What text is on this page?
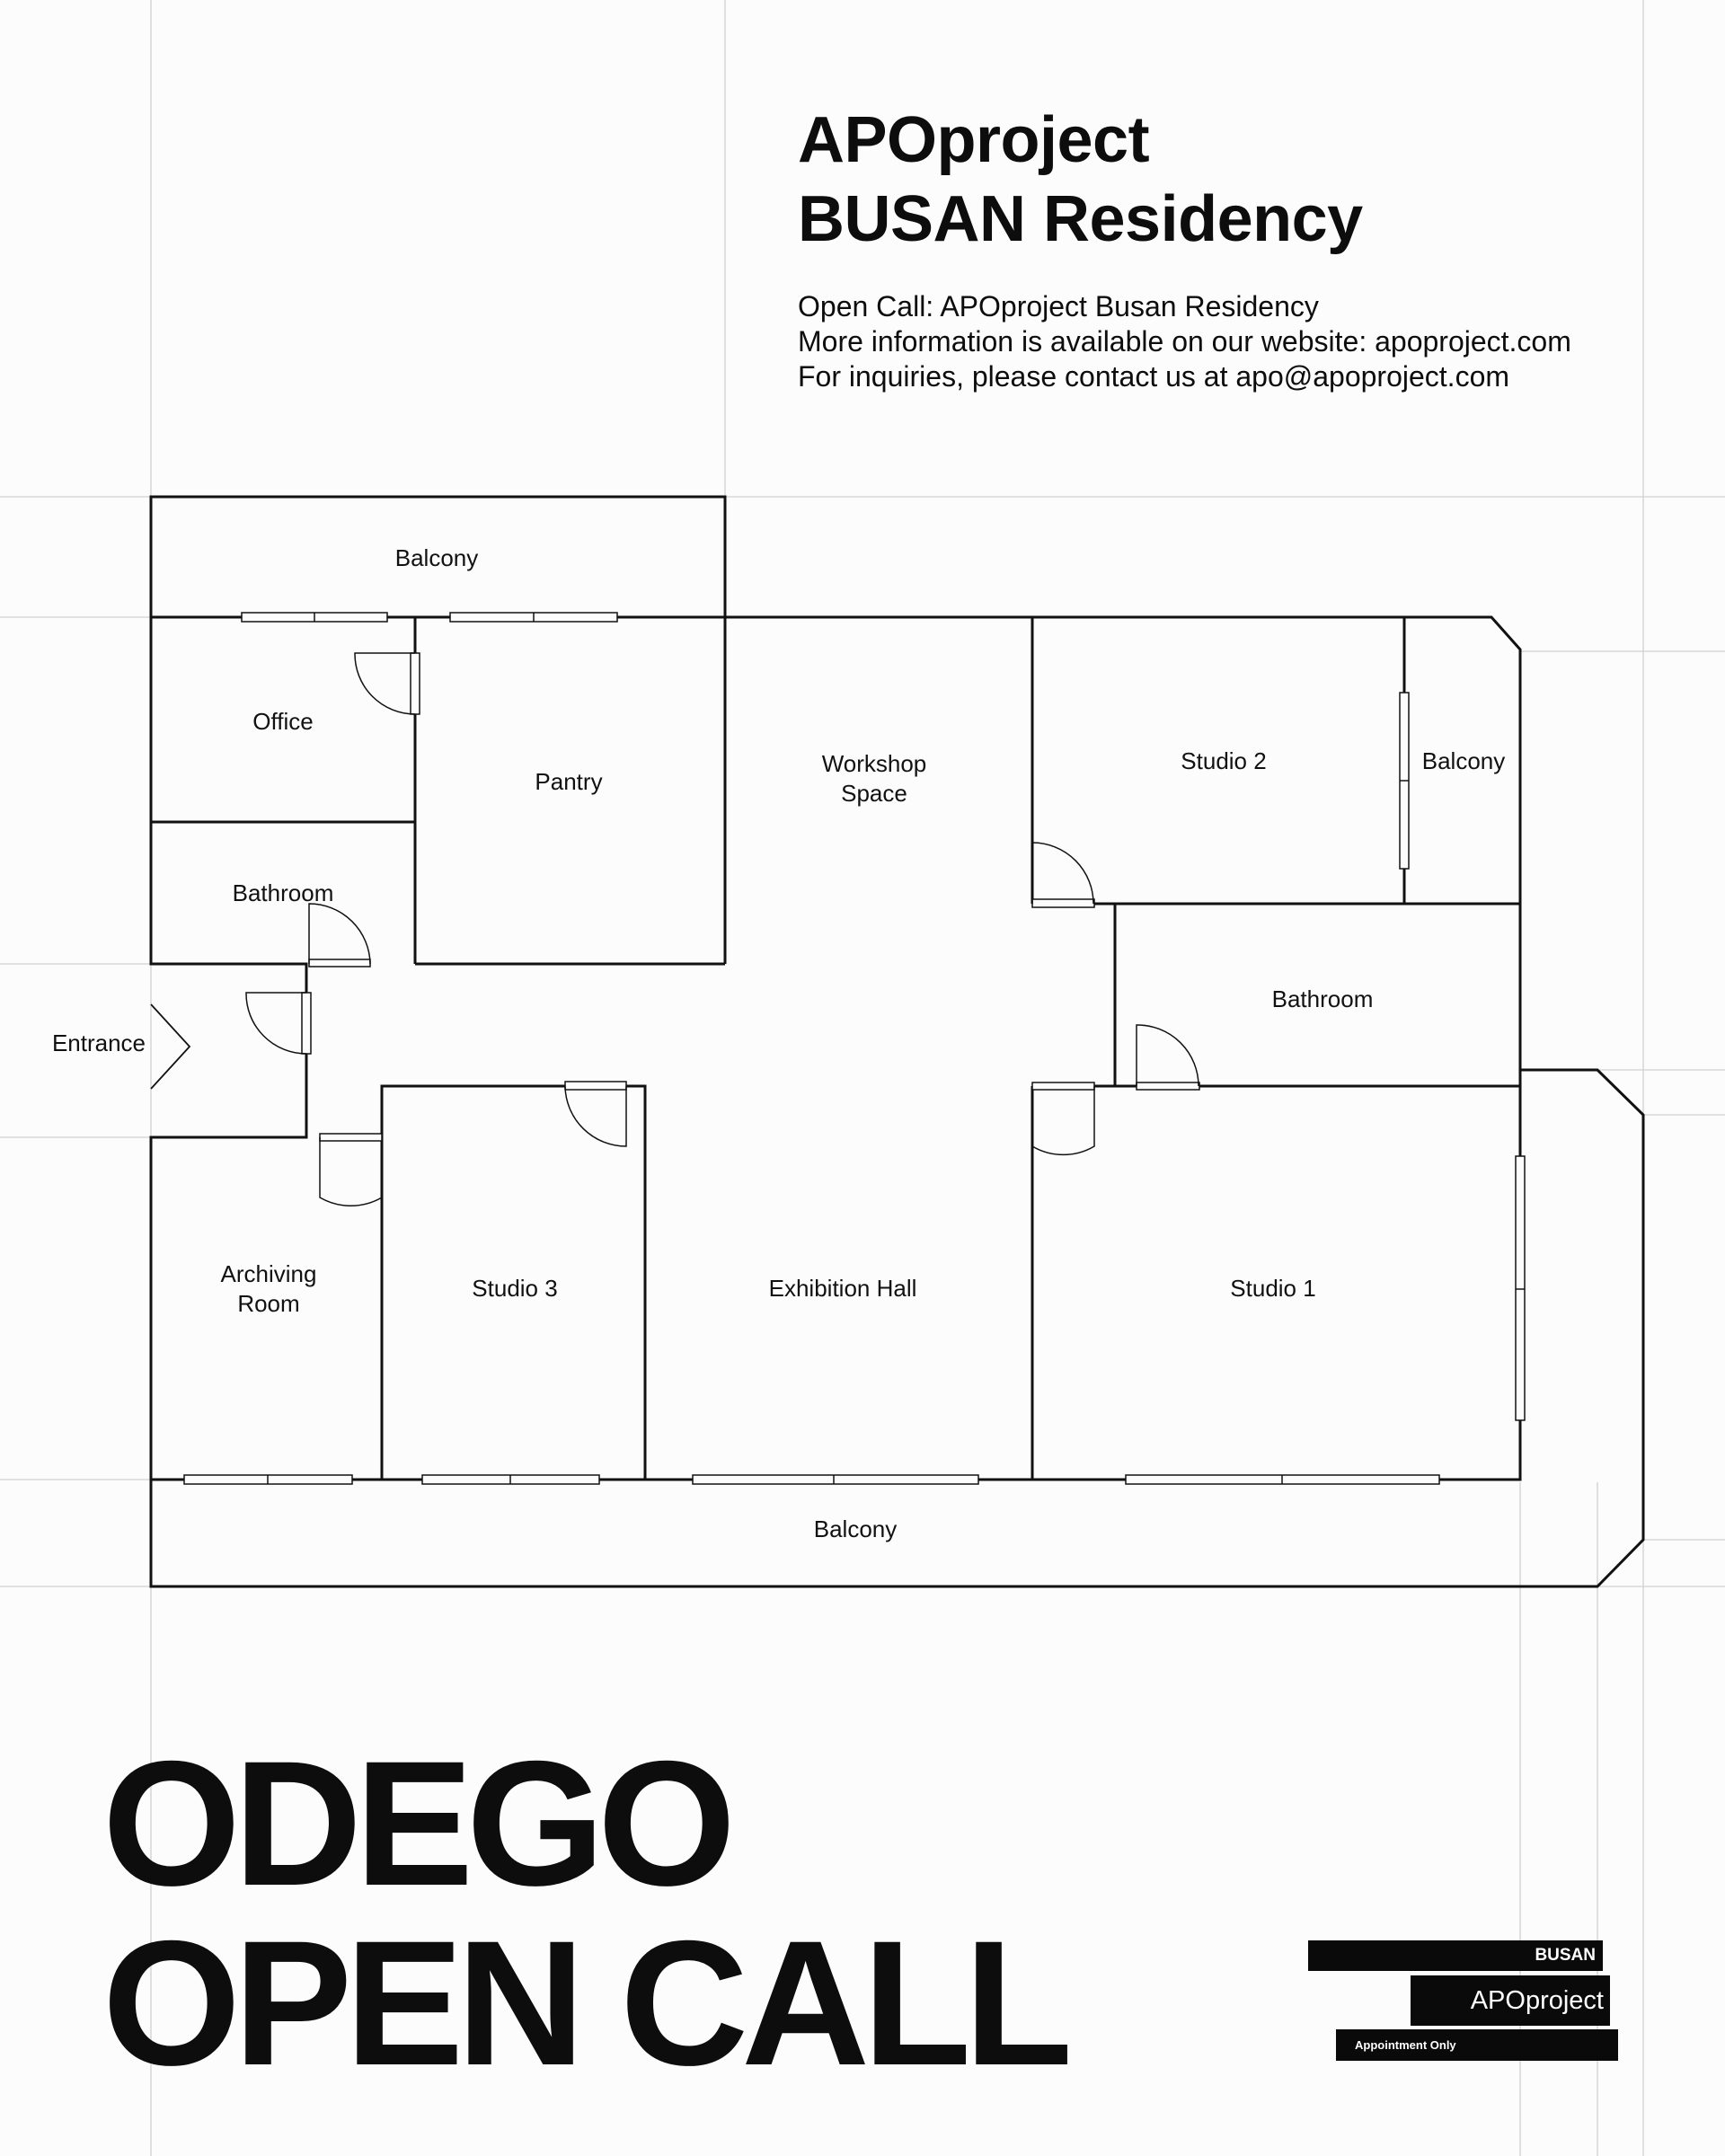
Balcony
Office
Pantry
Bathroom
Workshop
Space
Studio 2	Balcony
Bathroom
Entrance
Archiving
Room
Studio 3	Exhibition Hall	Studio 1
Balcony
APOproject
BUSAN Residency
Open Call: APOproject Busan Residency
More information is available on our website: apoproject.com
For inquiries, please contact us at apo@apoproject.com
ODEGO
OPEN CALL	BUSAN
APOproject
Appointment Only
